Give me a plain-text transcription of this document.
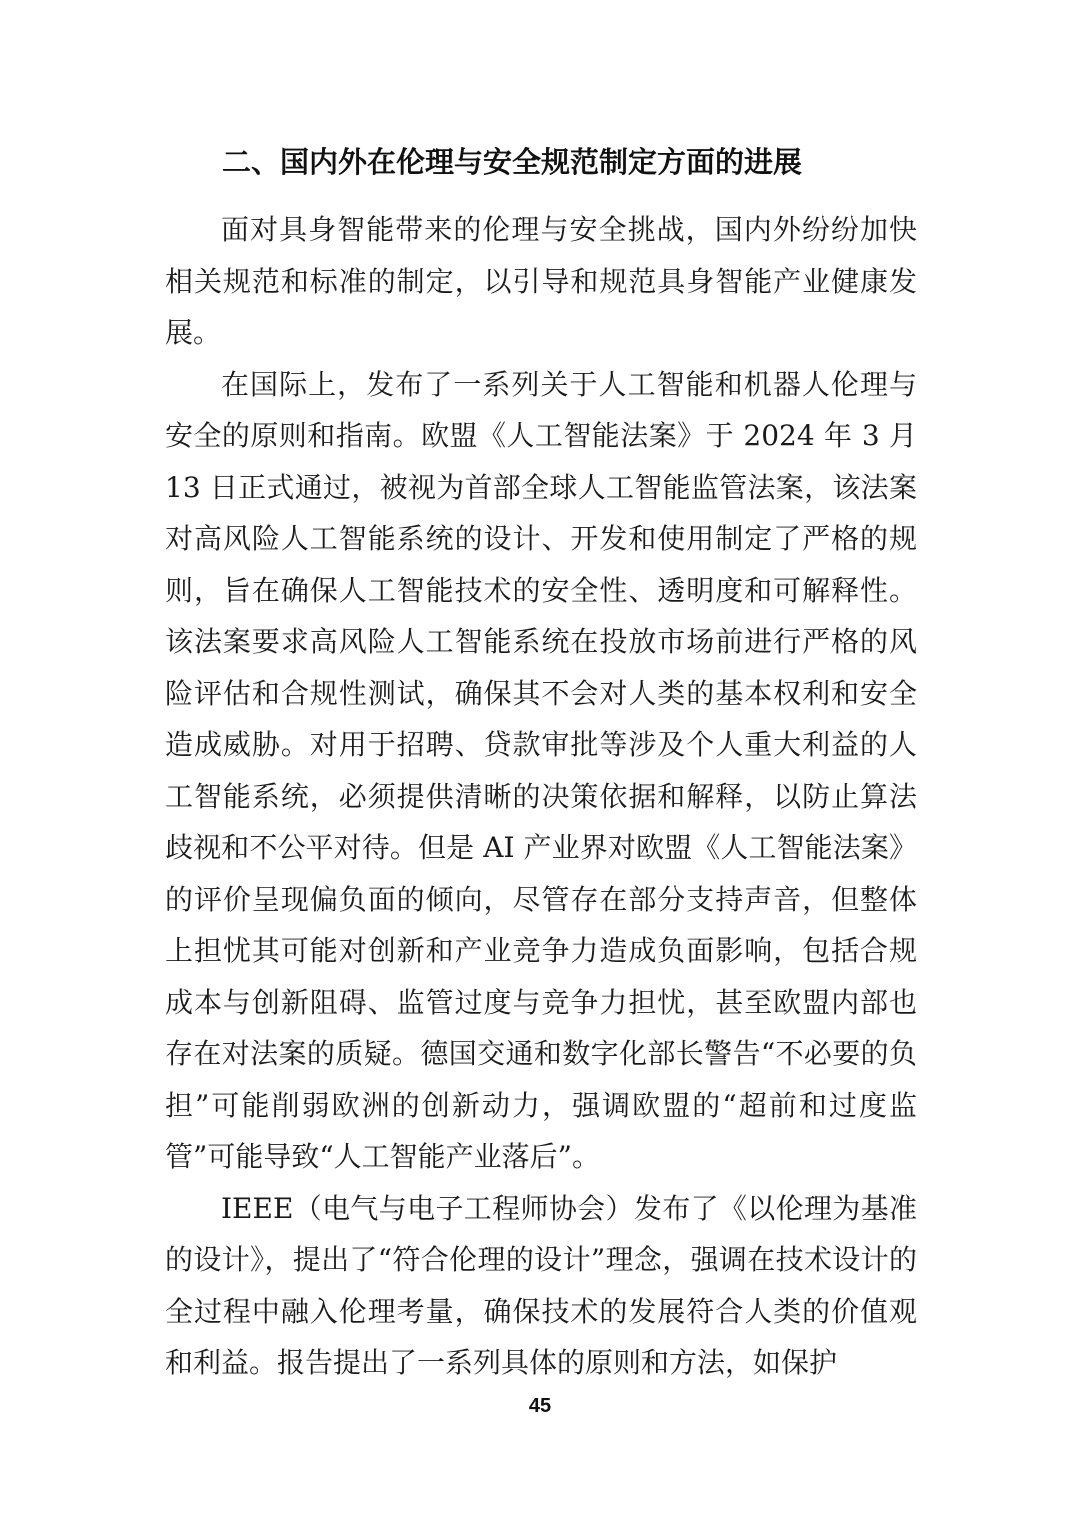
二、国内外在伦理与安全规范制定方面的进展

面对具身智能带来的伦理与安全挑战，国内外纷纷加快相关规范和标准的制定，以引导和规范具身智能产业健康发展。

在国际上，发布了一系列关于人工智能和机器人伦理与安全的原则和指南。欧盟《人工智能法案》于 2024 年 3 月 13 日正式通过，被视为首部全球人工智能监管法案，该法案对高风险人工智能系统的设计、开发和使用制定了严格的规则，旨在确保人工智能技术的安全性、透明度和可解释性。该法案要求高风险人工智能系统在投放市场前进行严格的风险评估和合规性测试，确保其不会对人类的基本权利和安全造成威胁。对用于招聘、贷款审批等涉及个人重大利益的人工智能系统，必须提供清晰的决策依据和解释，以防止算法歧视和不公平对待。但是 AI 产业界对欧盟《人工智能法案》的评价呈现偏负面的倾向，尽管存在部分支持声音，但整体上担忧其可能对创新和产业竞争力造成负面影响，包括合规成本与创新阻碍、监管过度与竞争力担忧，甚至欧盟内部也存在对法案的质疑。德国交通和数字化部长警告“不必要的负担”可能削弱欧洲的创新动力，强调欧盟的“超前和过度监管”可能导致“人工智能产业落后”。

IEEE（电气与电子工程师协会）发布了《以伦理为基准的设计》，提出了“符合伦理的设计”理念，强调在技术设计的全过程中融入伦理考量，确保技术的发展符合人类的价值观和利益。报告提出了一系列具体的原则和方法，如保护

45
